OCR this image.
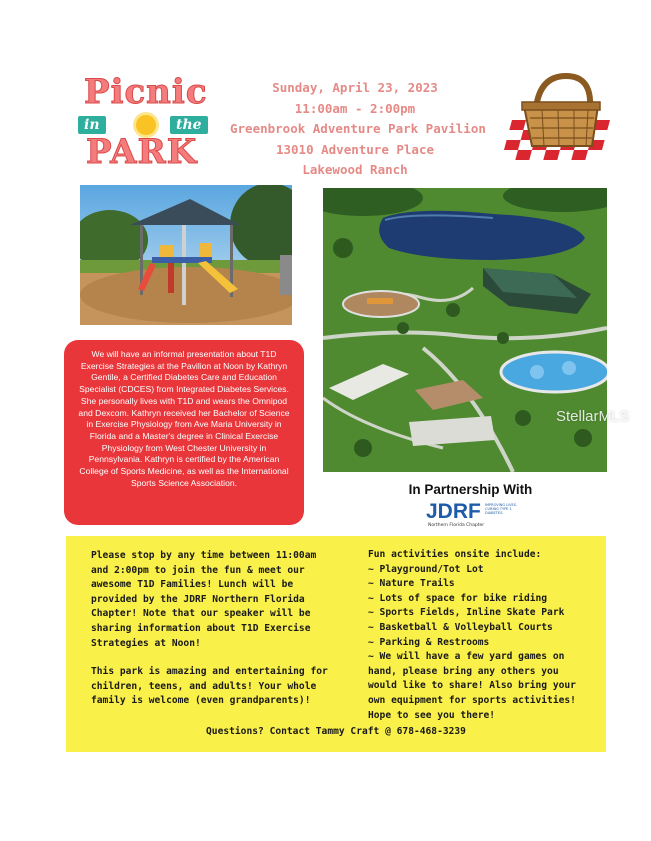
Picnic
in	the
PARK
Sunday, April 23, 2023
11:00am - 2:00pm
Greenbrook Adventure Park Pavilion
13010 Adventure Place
Lakewood Ranch
StellarMLS
We will have an informal presentation about T1D Exercise Strategies at the Pavilion at Noon by Kathryn Gentile, a Certified Diabetes Care and Education Specialist (CDCES) from Integrated Diabetes Services. She personally lives with T1D and wears the Omnipod and Dexcom. Kathryn received her Bachelor of Science in Exercise Physiology from Ave Maria University in Florida and a Master's degree in Clinical Exercise Physiology from West Chester University in Pennsylvania. Kathryn is certified by the American College of Sports Medicine, as well as the International Sports Science Association.	In Partnership With
JDRF IMPROVING LIVES. CURING TYPE 1 DIABETES.
Northern Florida Chapter
Please stop by any time between 11:00am and 2:00pm to join the fun & meet our awesome T1D Families! Lunch will be provided by the JDRF Northern Florida Chapter! Note that our speaker will be sharing information about T1D Exercise Strategies at Noon!
This park is amazing and entertaining for children, teens, and adults! Your whole family is welcome (even grandparents)!
Fun activities onsite include:
~ Playground/Tot Lot
~ Nature Trails
~ Lots of space for bike riding
~ Sports Fields, Inline Skate Park
~ Basketball & Volleyball Courts
~ Parking & Restrooms
~ We will have a few yard games on hand, please bring any others you would like to share! Also bring your own equipment for sports activities! Hope to see you there!
Questions? Contact Tammy Craft @ 678-468-3239
